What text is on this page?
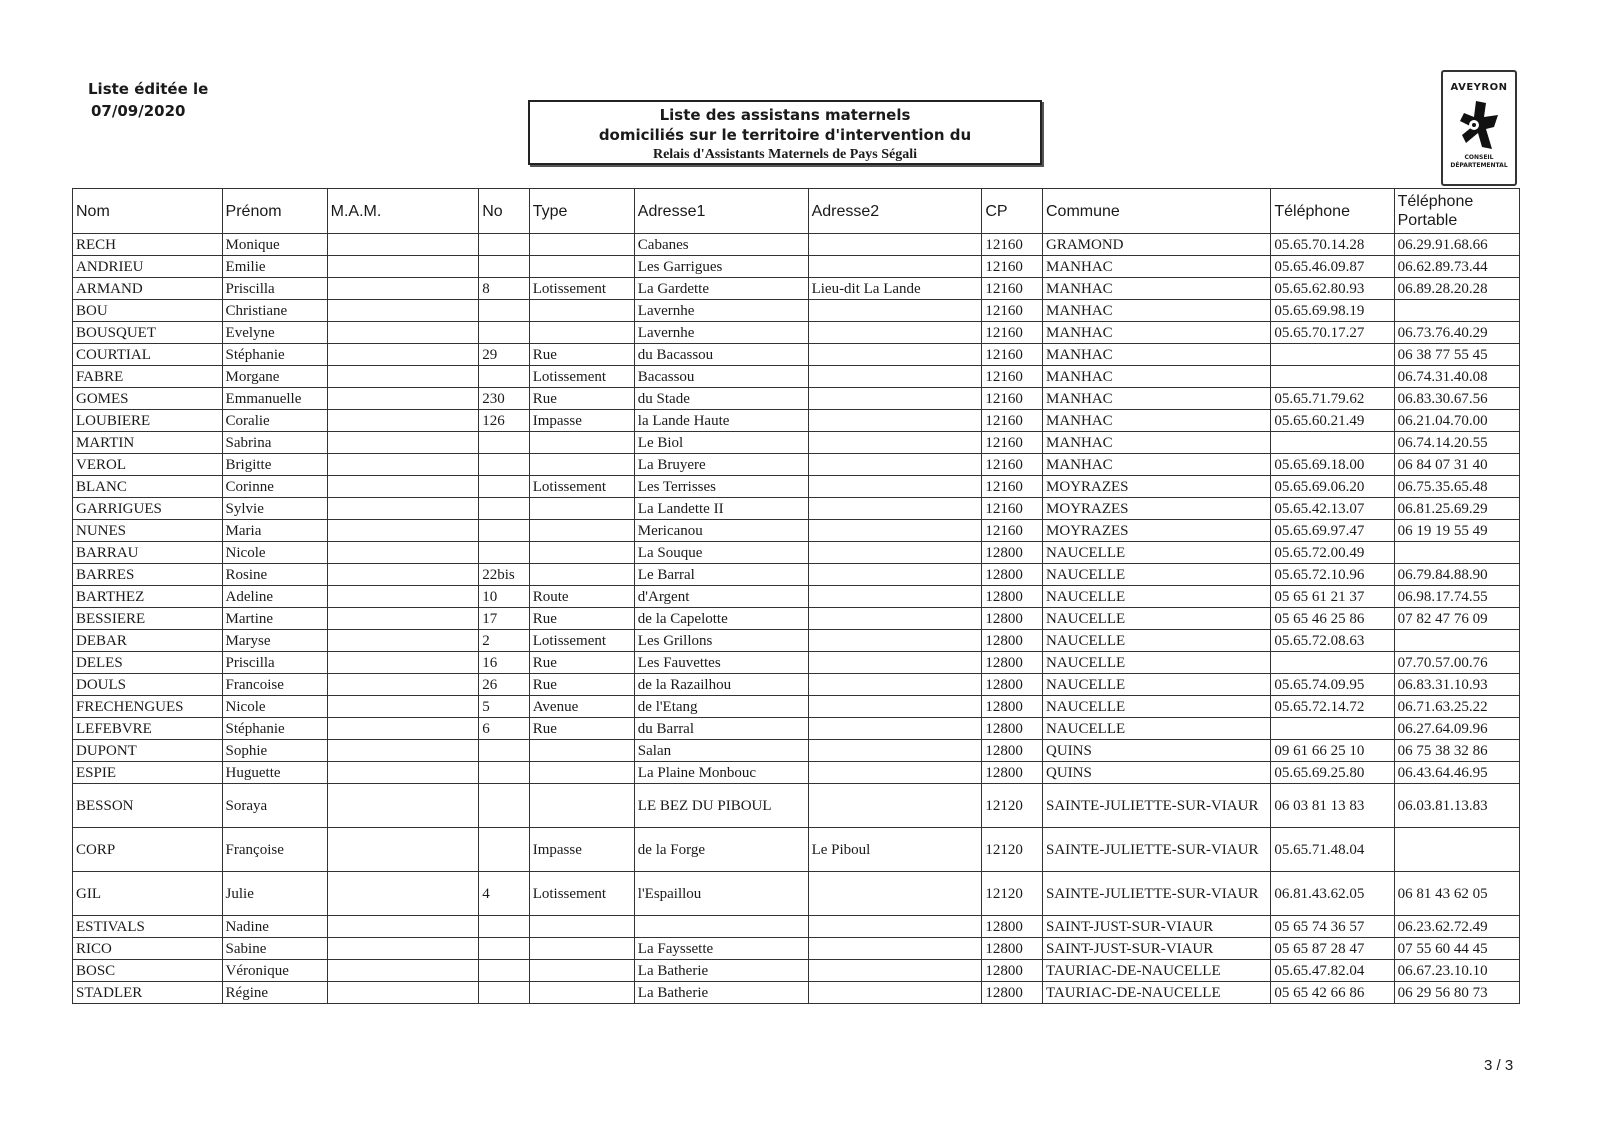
Liste éditée le
07/09/2020	Liste des assistans maternels
domiciliés sur le territoire d'intervention du
Relais d'Assistants Maternels de Pays Ségali
AVEYRON
CONSEIL
DÉPARTEMENTAL
Nom	Prénom	M.A.M.	No	Type	Adresse1	Adresse2	CP	Commune	Téléphone	Téléphone Portable
RECH	Monique				Cabanes		12160	GRAMOND	05.65.70.14.28	06.29.91.68.66
ANDRIEU	Emilie				Les Garrigues		12160	MANHAC	05.65.46.09.87	06.62.89.73.44
ARMAND	Priscilla		8	Lotissement	La Gardette	Lieu-dit La Lande	12160	MANHAC	05.65.62.80.93	06.89.28.20.28
BOU	Christiane				Lavernhe		12160	MANHAC	05.65.69.98.19	
BOUSQUET	Evelyne				Lavernhe		12160	MANHAC	05.65.70.17.27	06.73.76.40.29
COURTIAL	Stéphanie		29	Rue	du Bacassou		12160	MANHAC		06 38 77 55 45
FABRE	Morgane			Lotissement	Bacassou		12160	MANHAC		06.74.31.40.08
GOMES	Emmanuelle		230	Rue	du Stade		12160	MANHAC	05.65.71.79.62	06.83.30.67.56
LOUBIERE	Coralie		126	Impasse	la Lande Haute		12160	MANHAC	05.65.60.21.49	06.21.04.70.00
MARTIN	Sabrina				Le Biol		12160	MANHAC		06.74.14.20.55
VEROL	Brigitte				La Bruyere		12160	MANHAC	05.65.69.18.00	06 84 07 31 40
BLANC	Corinne			Lotissement	Les Terrisses		12160	MOYRAZES	05.65.69.06.20	06.75.35.65.48
GARRIGUES	Sylvie				La Landette II		12160	MOYRAZES	05.65.42.13.07	06.81.25.69.29
NUNES	Maria				Mericanou		12160	MOYRAZES	05.65.69.97.47	06 19 19 55 49
BARRAU	Nicole				La Souque		12800	NAUCELLE	05.65.72.00.49	
BARRES	Rosine		22bis		Le Barral		12800	NAUCELLE	05.65.72.10.96	06.79.84.88.90
BARTHEZ	Adeline		10	Route	d'Argent		12800	NAUCELLE	05 65 61 21 37	06.98.17.74.55
BESSIERE	Martine		17	Rue	de la Capelotte		12800	NAUCELLE	05 65 46 25 86	07 82 47 76 09
DEBAR	Maryse		2	Lotissement	Les Grillons		12800	NAUCELLE	05.65.72.08.63	
DELES	Priscilla		16	Rue	Les Fauvettes		12800	NAUCELLE		07.70.57.00.76
DOULS	Francoise		26	Rue	de la Razailhou		12800	NAUCELLE	05.65.74.09.95	06.83.31.10.93
FRECHENGUES	Nicole		5	Avenue	de l'Etang		12800	NAUCELLE	05.65.72.14.72	06.71.63.25.22
LEFEBVRE	Stéphanie		6	Rue	du Barral		12800	NAUCELLE		06.27.64.09.96
DUPONT	Sophie				Salan		12800	QUINS	09 61 66 25 10	06 75 38 32 86
ESPIE	Huguette				La Plaine Monbouc		12800	QUINS	05.65.69.25.80	06.43.64.46.95
BESSON	Soraya				LE BEZ DU PIBOUL		12120	SAINTE-JULIETTE-SUR-VIAUR	06 03 81 13 83	06.03.81.13.83
CORP	Françoise			Impasse	de la Forge	Le Piboul	12120	SAINTE-JULIETTE-SUR-VIAUR	05.65.71.48.04	
GIL	Julie		4	Lotissement	l'Espaillou		12120	SAINTE-JULIETTE-SUR-VIAUR	06.81.43.62.05	06 81 43 62 05
ESTIVALS	Nadine						12800	SAINT-JUST-SUR-VIAUR	05 65 74 36 57	06.23.62.72.49
RICO	Sabine				La Fayssette		12800	SAINT-JUST-SUR-VIAUR	05 65 87 28 47	07 55 60 44 45
BOSC	Véronique				La Batherie		12800	TAURIAC-DE-NAUCELLE	05.65.47.82.04	06.67.23.10.10
STADLER	Régine				La Batherie		12800	TAURIAC-DE-NAUCELLE	05 65 42 66 86	06 29 56 80 73
3 / 3
